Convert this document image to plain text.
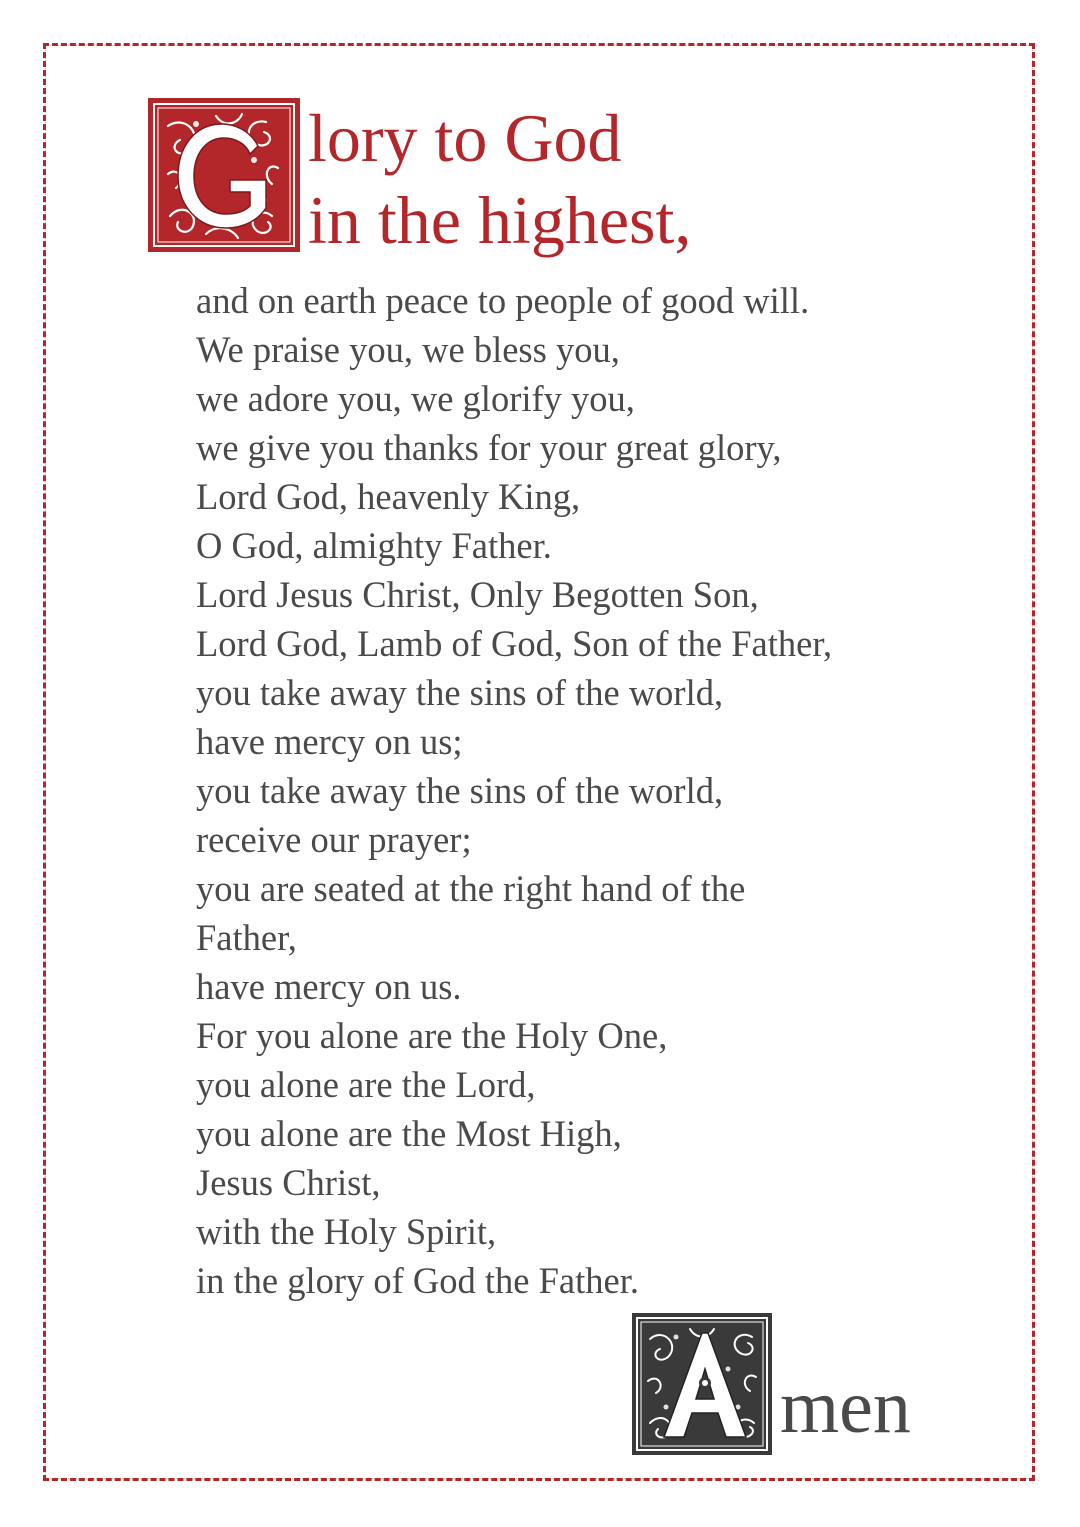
lory to God
in the highest,
and on earth peace to people of good will.
We praise you, we bless you,
we adore you, we glorify you,
we give you thanks for your great glory,
Lord God, heavenly King,
O God, almighty Father.
Lord Jesus Christ, Only Begotten Son,
Lord God, Lamb of God, Son of the Father,
you take away the sins of the world,
have mercy on us;
you take away the sins of the world,
receive our prayer;
you are seated at the right hand of the
Father,
have mercy on us.
For you alone are the Holy One,
you alone are the Lord,
you alone are the Most High,
Jesus Christ,
with the Holy Spirit,
in the glory of God the Father.
men
